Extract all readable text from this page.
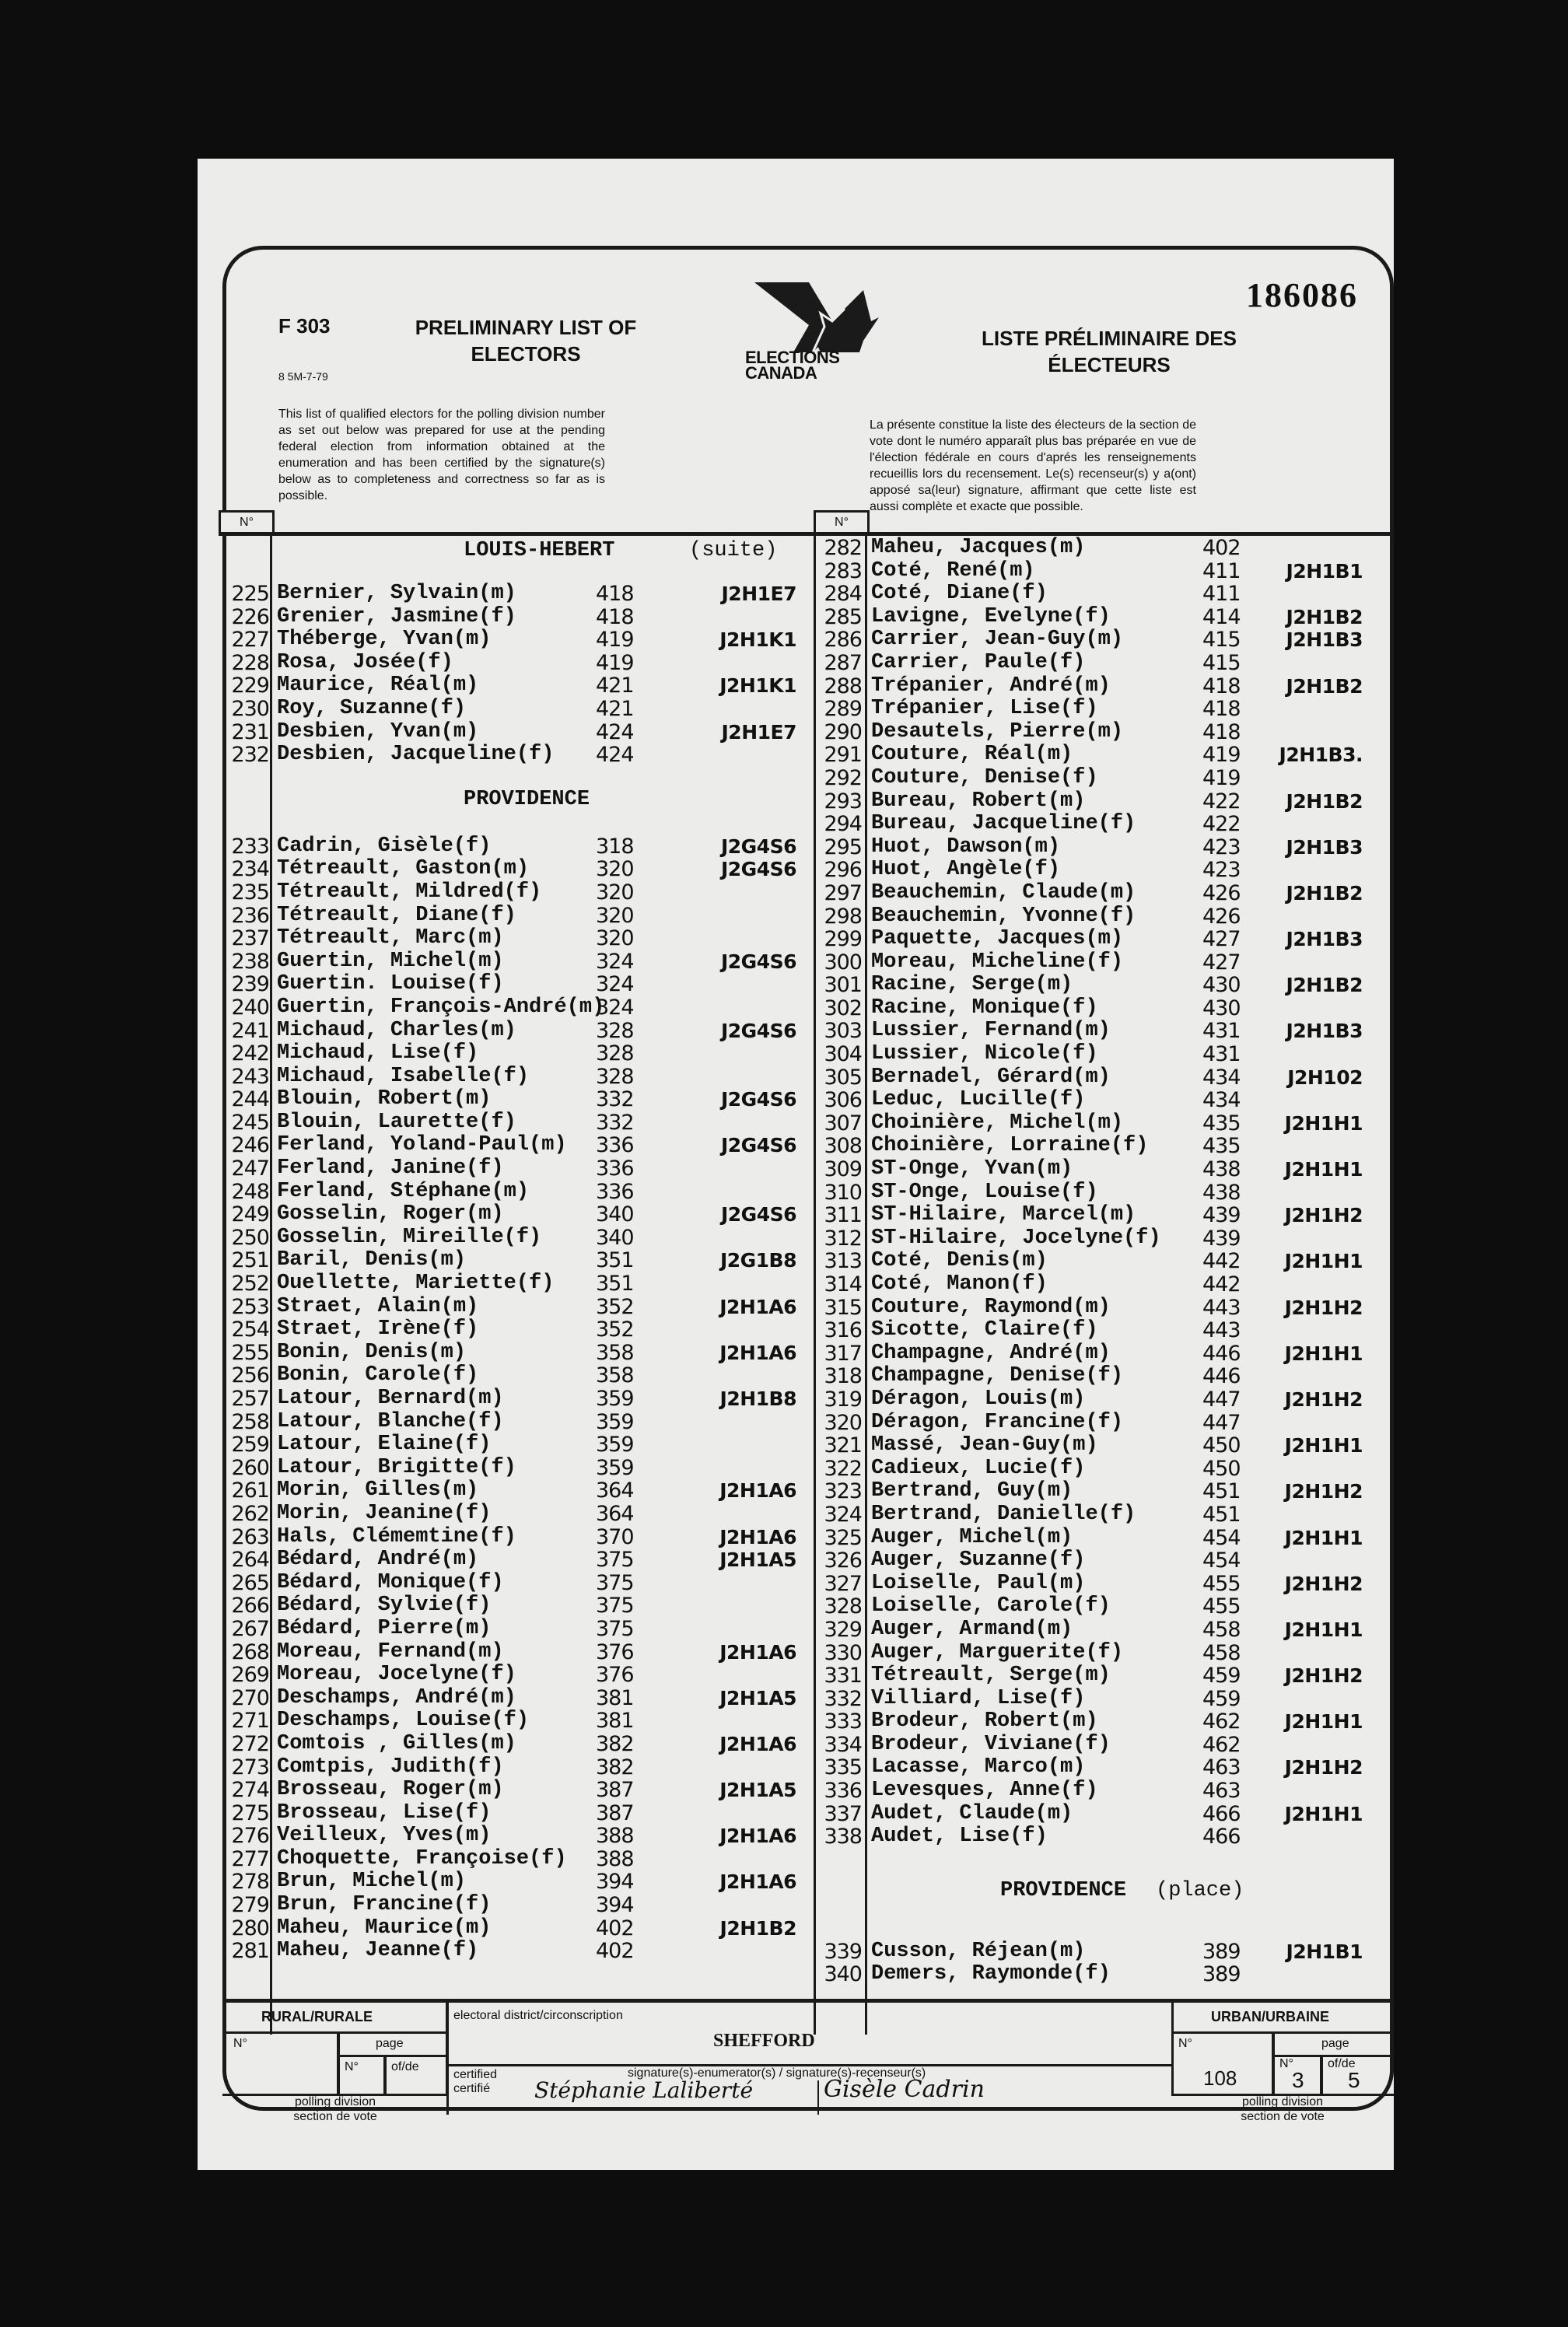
F 303
8 5M-7-79
PRELIMINARY LIST OF
ELECTORS	ELECTIONS
CANADA
186086
LISTE PRÉLIMINAIRE DES
ÉLECTEURS
This list of qualified electors for the polling division number as set out below was prepared for use at the pending federal election from information obtained at the enumeration and has been certified by the signature(s) below as to completeness and correctness so far as is possible.
La présente constitue la liste des électeurs de la section de vote dont le numéro apparaît plus bas préparée en vue de l'élection fédérale en cours d'aprés les renseignements recueillis lors du recensement. Le(s) recenseur(s) y a(ont) apposé sa(leur) signature, affirmant que cette liste est aussi complète et exacte que possible.
N°
LOUIS-HEBERT	(suite)
225 Bernier, Sylvain(m)	418	J2H1E7
226 Grenier, Jasmine(f)	418
227 Théberge, Yvan(m)	419	J2H1K1
228 Rosa, Josée(f)	419
229 Maurice, Réal(m)	421	J2H1K1
230 Roy, Suzanne(f)	421
231 Desbien, Yvan(m)	424	J2H1E7
232 Desbien, Jacqueline(f) 424
PROVIDENCE
233 Cadrin, Gisèle(f)	318	J2G4S6
234 Tétreault, Gaston(m)	320	J2G4S6
235 Tétreault, Mildred(f)	320
236 Tétreault, Diane(f)	320
237 Tétreault, Marc(m)	320
238 Guertin, Michel(m)	324	J2G4S6
239 Guertin. Louise(f)	324
240 Guertin, François-André(m)
324
241 Michaud, Charles(m)	328	J2G4S6
242 Michaud, Lise(f)	328
243 Michaud, Isabelle(f)	328
244 Blouin, Robert(m)	332	J2G4S6
245 Blouin, Laurette(f)	332
246 Ferland, Yoland-Paul(m) 336	J2G4S6
247 Ferland, Janine(f)	336
248 Ferland, Stéphane(m)	336
249 Gosselin, Roger(m)	340	J2G4S6
250 Gosselin, Mireille(f)	340
251 Baril, Denis(m)	351	J2G1B8
252 Ouellette, Mariette(f) 351
253 Straet, Alain(m)	352	J2H1A6
254 Straet, Irène(f)	352
255 Bonin, Denis(m)	358	J2H1A6
256 Bonin, Carole(f)	358
257 Latour, Bernard(m)	359	J2H1B8
258 Latour, Blanche(f)	359
259 Latour, Elaine(f)	359
260 Latour, Brigitte(f)	359
261 Morin, Gilles(m)	364	J2H1A6
262 Morin, Jeanine(f)	364
263 Hals, Clémemtine(f)	370	J2H1A6
264 Bédard, André(m)	375	J2H1A5
265 Bédard, Monique(f)	375
266 Bédard, Sylvie(f)	375
267 Bédard, Pierre(m)	375
268 Moreau, Fernand(m)	376	J2H1A6
269 Moreau, Jocelyne(f)	376
270 Deschamps, André(m)	381	J2H1A5
271 Deschamps, Louise(f)	381
272 Comtois , Gilles(m)	382	J2H1A6
273 Comtpis, Judith(f)	382
274 Brosseau, Roger(m)	387	J2H1A5
275 Brosseau, Lise(f)	387
276 Veilleux, Yves(m)	388	J2H1A6
277 Choquette, Françoise(f) 388
278 Brun, Michel(m)	394	J2H1A6
279 Brun, Francine(f)	394
280 Maheu, Maurice(m)	402	J2H1B2
281 Maheu, Jeanne(f)	402
N°
282 Maheu, Jacques(m)	402
283 Coté, René(m)	411 J2H1B1
284 Coté, Diane(f)	411
285 Lavigne, Evelyne(f)	414 J2H1B2
286 Carrier, Jean-Guy(m)	415 J2H1B3
287 Carrier, Paule(f)	415
288 Trépanier, André(m)	418 J2H1B2
289 Trépanier, Lise(f)	418
290 Desautels, Pierre(m)	418
291 Couture, Réal(m)	419 J2H1B3.
292 Couture, Denise(f)	419
293 Bureau, Robert(m)	422 J2H1B2
294 Bureau, Jacqueline(f)	422
295 Huot, Dawson(m)	423 J2H1B3
296 Huot, Angèle(f)	423
297 Beauchemin, Claude(m)	426 J2H1B2
298 Beauchemin, Yvonne(f)	426
299 Paquette, Jacques(m)	427 J2H1B3
300 Moreau, Micheline(f)	427
301 Racine, Serge(m)	430 J2H1B2
302 Racine, Monique(f)	430
303 Lussier, Fernand(m)	431 J2H1B3
304 Lussier, Nicole(f)	431
305 Bernadel, Gérard(m)	434 J2H102
306 Leduc, Lucille(f)	434
307 Choinière, Michel(m)	435 J2H1H1
308 Choinière, Lorraine(f)	435
309 ST-Onge, Yvan(m)	438 J2H1H1
310 ST-Onge, Louise(f)	438
311 ST-Hilaire, Marcel(m)	439 J2H1H2
312 ST-Hilaire, Jocelyne(f) 439
313 Coté, Denis(m)	442 J2H1H1
314 Coté, Manon(f)	442
315 Couture, Raymond(m)	443 J2H1H2
316 Sicotte, Claire(f)	443
317 Champagne, André(m)	446 J2H1H1
318 Champagne, Denise(f)	446
319 Déragon, Louis(m)	447 J2H1H2
320 Déragon, Francine(f)	447
321 Massé, Jean-Guy(m)	450 J2H1H1
322 Cadieux, Lucie(f)	450
323 Bertrand, Guy(m)	451 J2H1H2
324 Bertrand, Danielle(f)	451
325 Auger, Michel(m)	454 J2H1H1
326 Auger, Suzanne(f)	454
327 Loiselle, Paul(m)	455 J2H1H2
328 Loiselle, Carole(f)	455
329 Auger, Armand(m)	458 J2H1H1
330 Auger, Marguerite(f)	458
331 Tétreault, Serge(m)	459 J2H1H2
332 Villiard, Lise(f)	459
333 Brodeur, Robert(m)	462 J2H1H1
334 Brodeur, Viviane(f)	462
335 Lacasse, Marco(m)	463 J2H1H2
336 Levesques, Anne(f)	463
337 Audet, Claude(m)	466 J2H1H1
338 Audet, Lise(f)	466
PROVIDENCE (place)
339 Cusson, Réjean(m)	389 J2H1B1
340 Demers, Raymonde(f)	389
RURAL/RURALE
N°	page
N°	of/de
polling division
section de vote
electoral district/circonscription
SHEFFORD
certified
certifié
signature(s)-enumerator(s) / signature(s)-recenseur(s)
Stéphanie Laliberté	Gisèle Cadrin
URBAN/URBAINE
N°
108
page
N°
3
of/de
5
polling division
section de vote
